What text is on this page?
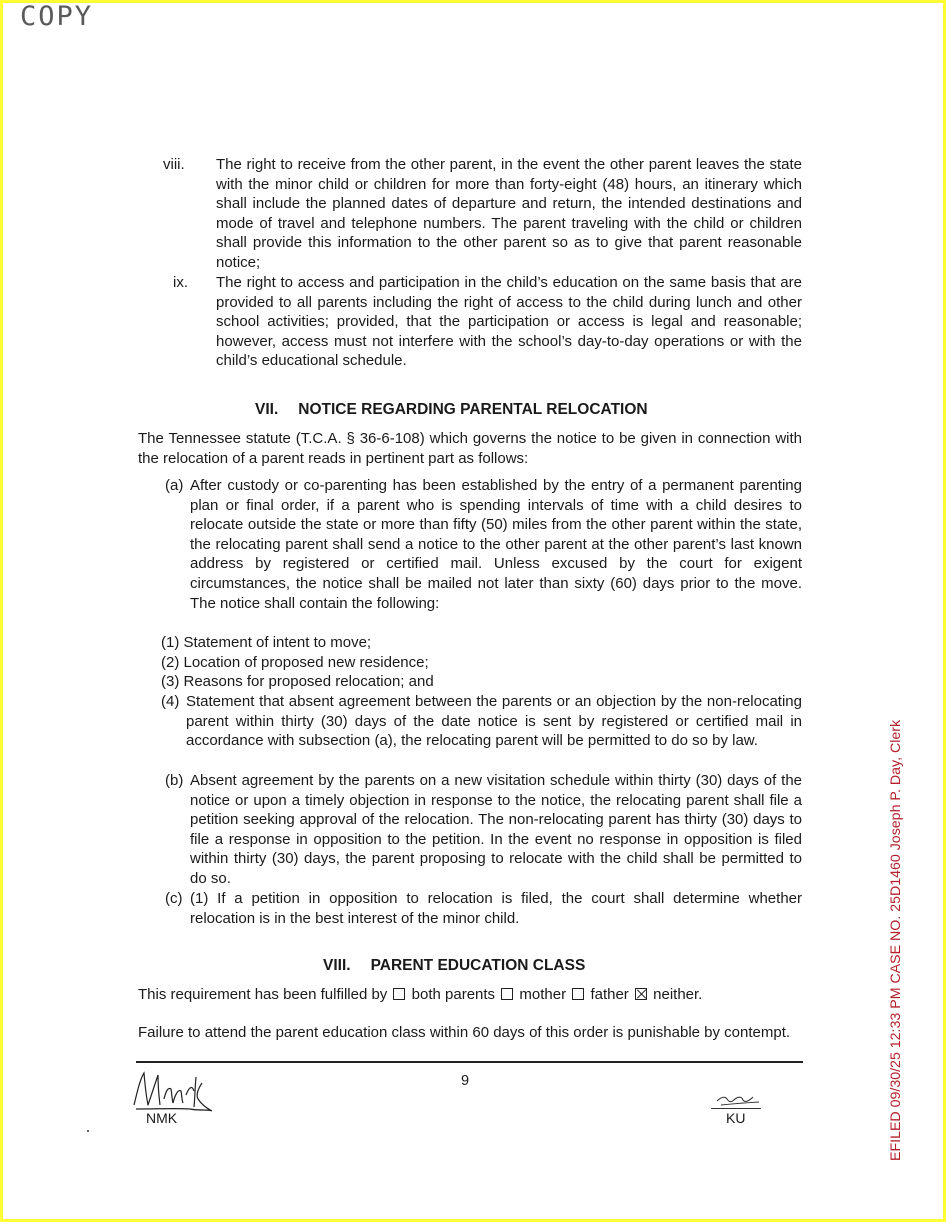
COPY
viii. The right to receive from the other parent, in the event the other parent leaves the state with the minor child or children for more than forty-eight (48) hours, an itinerary which shall include the planned dates of departure and return, the intended destinations and mode of travel and telephone numbers. The parent traveling with the child or children shall provide this information to the other parent so as to give that parent reasonable notice;
ix. The right to access and participation in the child’s education on the same basis that are provided to all parents including the right of access to the child during lunch and other school activities; provided, that the participation or access is legal and reasonable; however, access must not interfere with the school’s day-to-day operations or with the child’s educational schedule.
VII. NOTICE REGARDING PARENTAL RELOCATION
The Tennessee statute (T.C.A. § 36-6-108) which governs the notice to be given in connection with the relocation of a parent reads in pertinent part as follows:
(a) After custody or co-parenting has been established by the entry of a permanent parenting plan or final order, if a parent who is spending intervals of time with a child desires to relocate outside the state or more than fifty (50) miles from the other parent within the state, the relocating parent shall send a notice to the other parent at the other parent’s last known address by registered or certified mail. Unless excused by the court for exigent circumstances, the notice shall be mailed not later than sixty (60) days prior to the move. The notice shall contain the following:
(1) Statement of intent to move;
(2) Location of proposed new residence;
(3) Reasons for proposed relocation; and
(4) Statement that absent agreement between the parents or an objection by the non-relocating parent within thirty (30) days of the date notice is sent by registered or certified mail in accordance with subsection (a), the relocating parent will be permitted to do so by law.
(b) Absent agreement by the parents on a new visitation schedule within thirty (30) days of the notice or upon a timely objection in response to the notice, the relocating parent shall file a petition seeking approval of the relocation. The non-relocating parent has thirty (30) days to file a response in opposition to the petition. In the event no response in opposition is filed within thirty (30) days, the parent proposing to relocate with the child shall be permitted to do so.
(c) (1) If a petition in opposition to relocation is filed, the court shall determine whether relocation is in the best interest of the minor child.
VIII. PARENT EDUCATION CLASS
This requirement has been fulfilled by both parents mother father neither.
Failure to attend the parent education class within 60 days of this order is punishable by contempt.
9
NMK	KU	EFILED 09/30/25 12:33 PM CASE NO. 25D1460 Joseph P. Day, Clerk
